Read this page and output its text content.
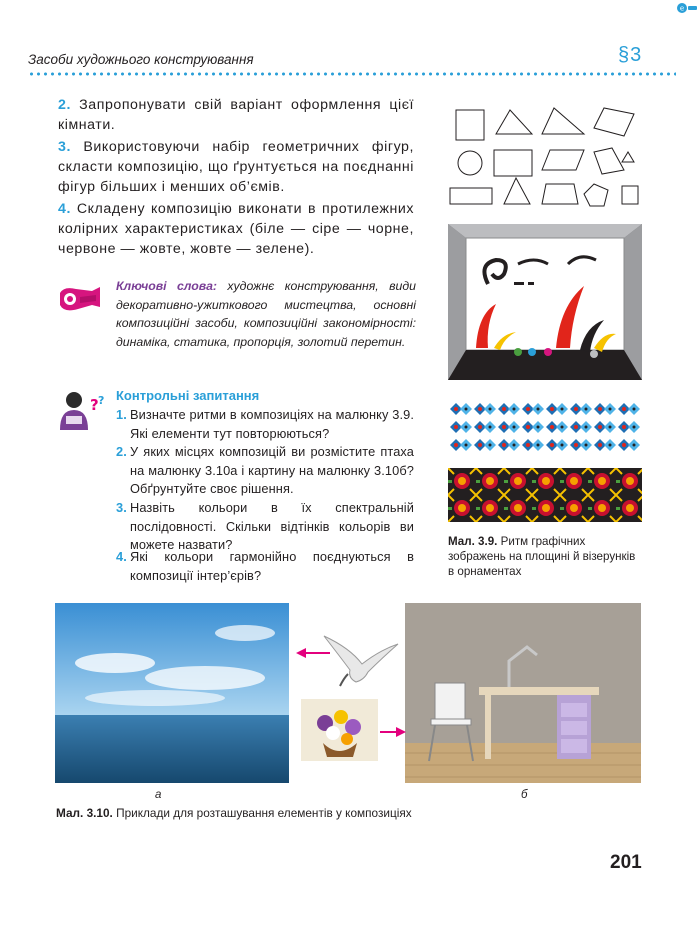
e
Засоби художнього конструювання	§3

2. Запропонувати свій варіант оформлення цієї кімнати.

3. Використовуючи набір геометричних фігур, скласти композицію, що ґрунтується на поєднанні фігур більших і менших об’ємів.

4. Складену композицію виконати в протилежних колірних характеристиках (біле — сіре — чорне, червоне — жовте, жовте — зелене).

Ключові слова: художнє конструювання, види декоративно-ужиткового мистецтва, основні композиційні засоби, композиційні закономірності: динаміка, статика, пропорція, золотий перетин.

? ? Контрольні запитання
1. Визначте ритми в композиціях на малюнку 3.9. Які елементи тут повторюються?
2. У яких місцях композицій ви розмістите птаха на малюнку 3.10а і картину на малюнку 3.10б? Обґрунтуйте своє рішення.
3. Назвіть кольори в їх спектральній послідовності. Скільки відтінків кольорів ви можете назвати?
4. Які кольори гармонійно поєднуються в композиції інтер’єрів?

Мал. 3.9. Ритм графічних зображень на площині й візерунків в орнаментах

а	б

Мал. 3.10. Приклади для розташування елементів у композиціях

201
